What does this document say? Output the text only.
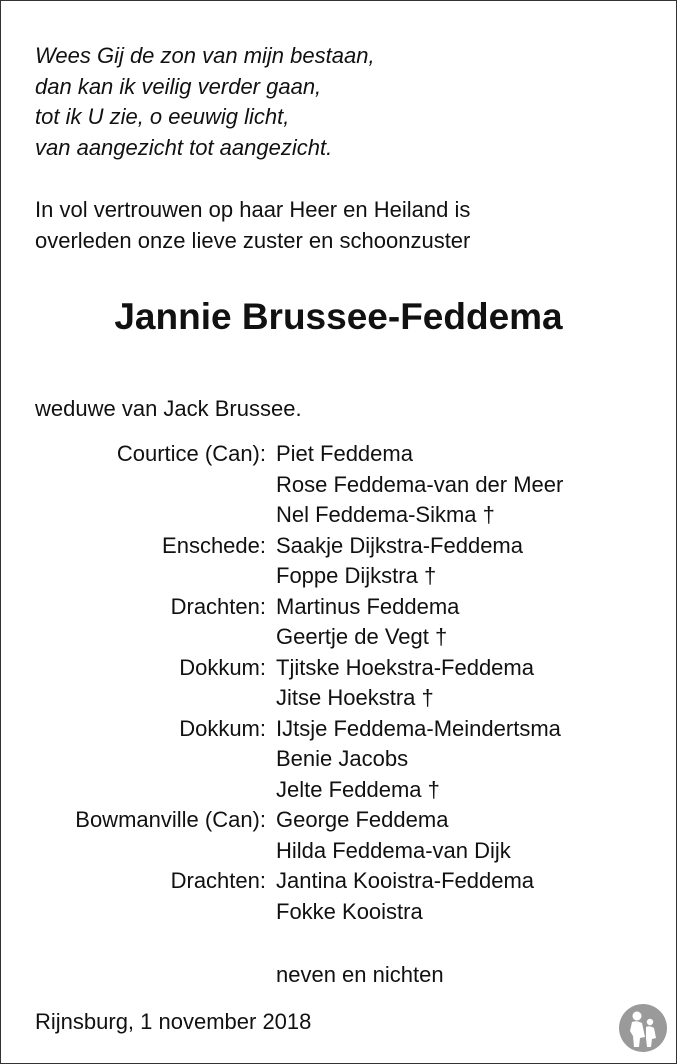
Wees Gij de zon van mijn bestaan,
dan kan ik veilig verder gaan,
tot ik U zie, o eeuwig licht,
van aangezicht tot aangezicht.
In vol vertrouwen op haar Heer en Heiland is
overleden onze lieve zuster en schoonzuster
Jannie Brussee-Feddema
weduwe van Jack Brussee.
Courtice (Can): Piet Feddema
Rose Feddema-van der Meer
Nel Feddema-Sikma †
Enschede: Saakje Dijkstra-Feddema
Foppe Dijkstra †
Drachten: Martinus Feddema
Geertje de Vegt †
Dokkum: Tjitske Hoekstra-Feddema
Jitse Hoekstra †
Dokkum: IJtsje Feddema-Meindertsma
Benie Jacobs
Jelte Feddema †
Bowmanville (Can): George Feddema
Hilda Feddema-van Dijk
Drachten: Jantina Kooistra-Feddema
Fokke Kooistra
neven en nichten
Rijnsburg, 1 november 2018
